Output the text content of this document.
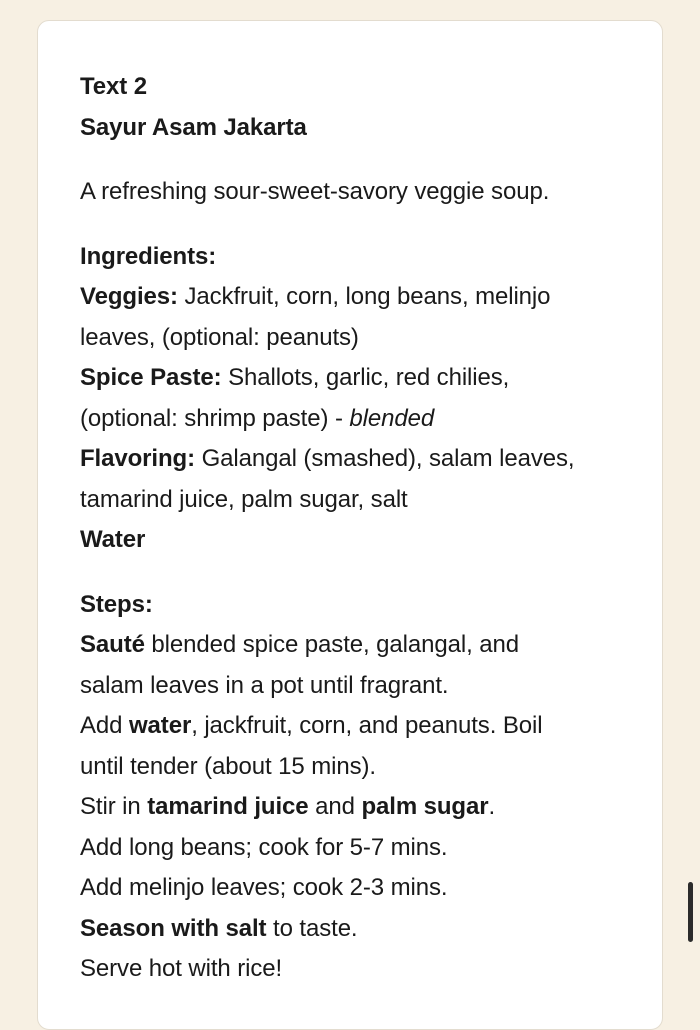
Text 2
Sayur Asam Jakarta
A refreshing sour-sweet-savory veggie soup.
Ingredients:
Veggies: Jackfruit, corn, long beans, melinjo
leaves, (optional: peanuts)
Spice Paste: Shallots, garlic, red chilies,
(optional: shrimp paste) - blended
Flavoring: Galangal (smashed), salam leaves,
tamarind juice, palm sugar, salt
Water
Steps:
Sauté blended spice paste, galangal, and
salam leaves in a pot until fragrant.
Add water, jackfruit, corn, and peanuts. Boil
until tender (about 15 mins).
Stir in tamarind juice and palm sugar.
Add long beans; cook for 5-7 mins.
Add melinjo leaves; cook 2-3 mins.
Season with salt to taste.
Serve hot with rice!
